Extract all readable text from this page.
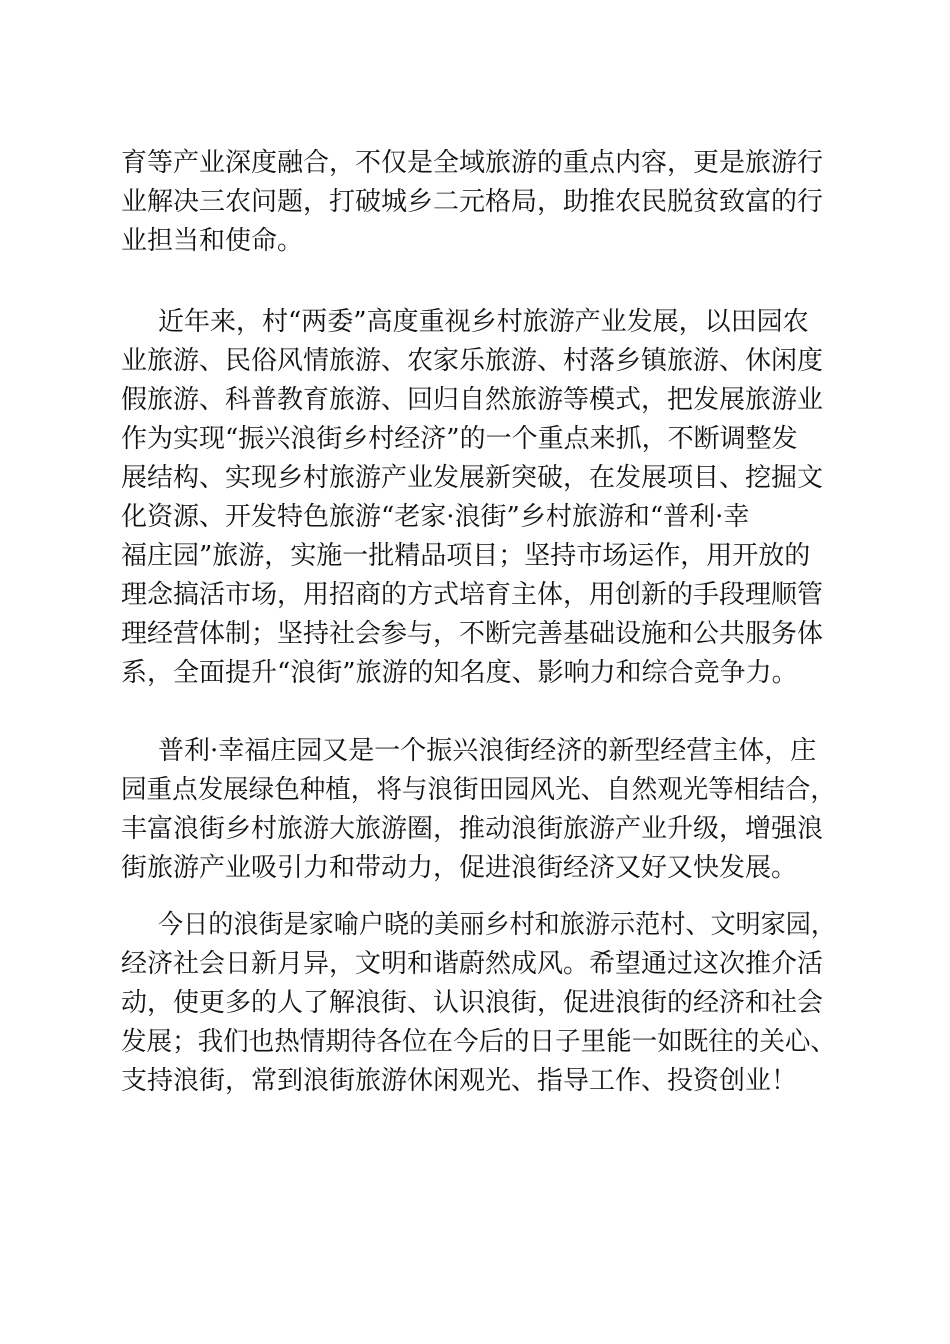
育等产业深度融合，不仅是全域旅游的重点内容，更是旅游行

业解决三农问题，打破城乡二元格局，助推农民脱贫致富的行

业担当和使命。

近年来，村“两委”高度重视乡村旅游产业发展，以田园农

业旅游、民俗风情旅游、农家乐旅游、村落乡镇旅游、休闲度

假旅游、科普教育旅游、回归自然旅游等模式，把发展旅游业

作为实现“振兴浪街乡村经济”的一个重点来抓，不断调整发

展结构、实现乡村旅游产业发展新突破，在发展项目、挖掘文

化资源、开发特色旅游“老家·浪街”乡村旅游和“普利·幸

福庄园”旅游，实施一批精品项目；坚持市场运作，用开放的

理念搞活市场，用招商的方式培育主体，用创新的手段理顺管

理经营体制；坚持社会参与，不断完善基础设施和公共服务体

系，全面提升“浪街”旅游的知名度、影响力和综合竞争力。

普利·幸福庄园又是一个振兴浪街经济的新型经营主体，庄

园重点发展绿色种植，将与浪街田园风光、自然观光等相结合，

丰富浪街乡村旅游大旅游圈，推动浪街旅游产业升级，增强浪

街旅游产业吸引力和带动力，促进浪街经济又好又快发展。

今日的浪街是家喻户晓的美丽乡村和旅游示范村、文明家园，

经济社会日新月异，文明和谐蔚然成风。希望通过这次推介活

动，使更多的人了解浪街、认识浪街，促进浪街的经济和社会

发展；我们也热情期待各位在今后的日子里能一如既往的关心、

支持浪街，常到浪街旅游休闲观光、指导工作、投资创业！
